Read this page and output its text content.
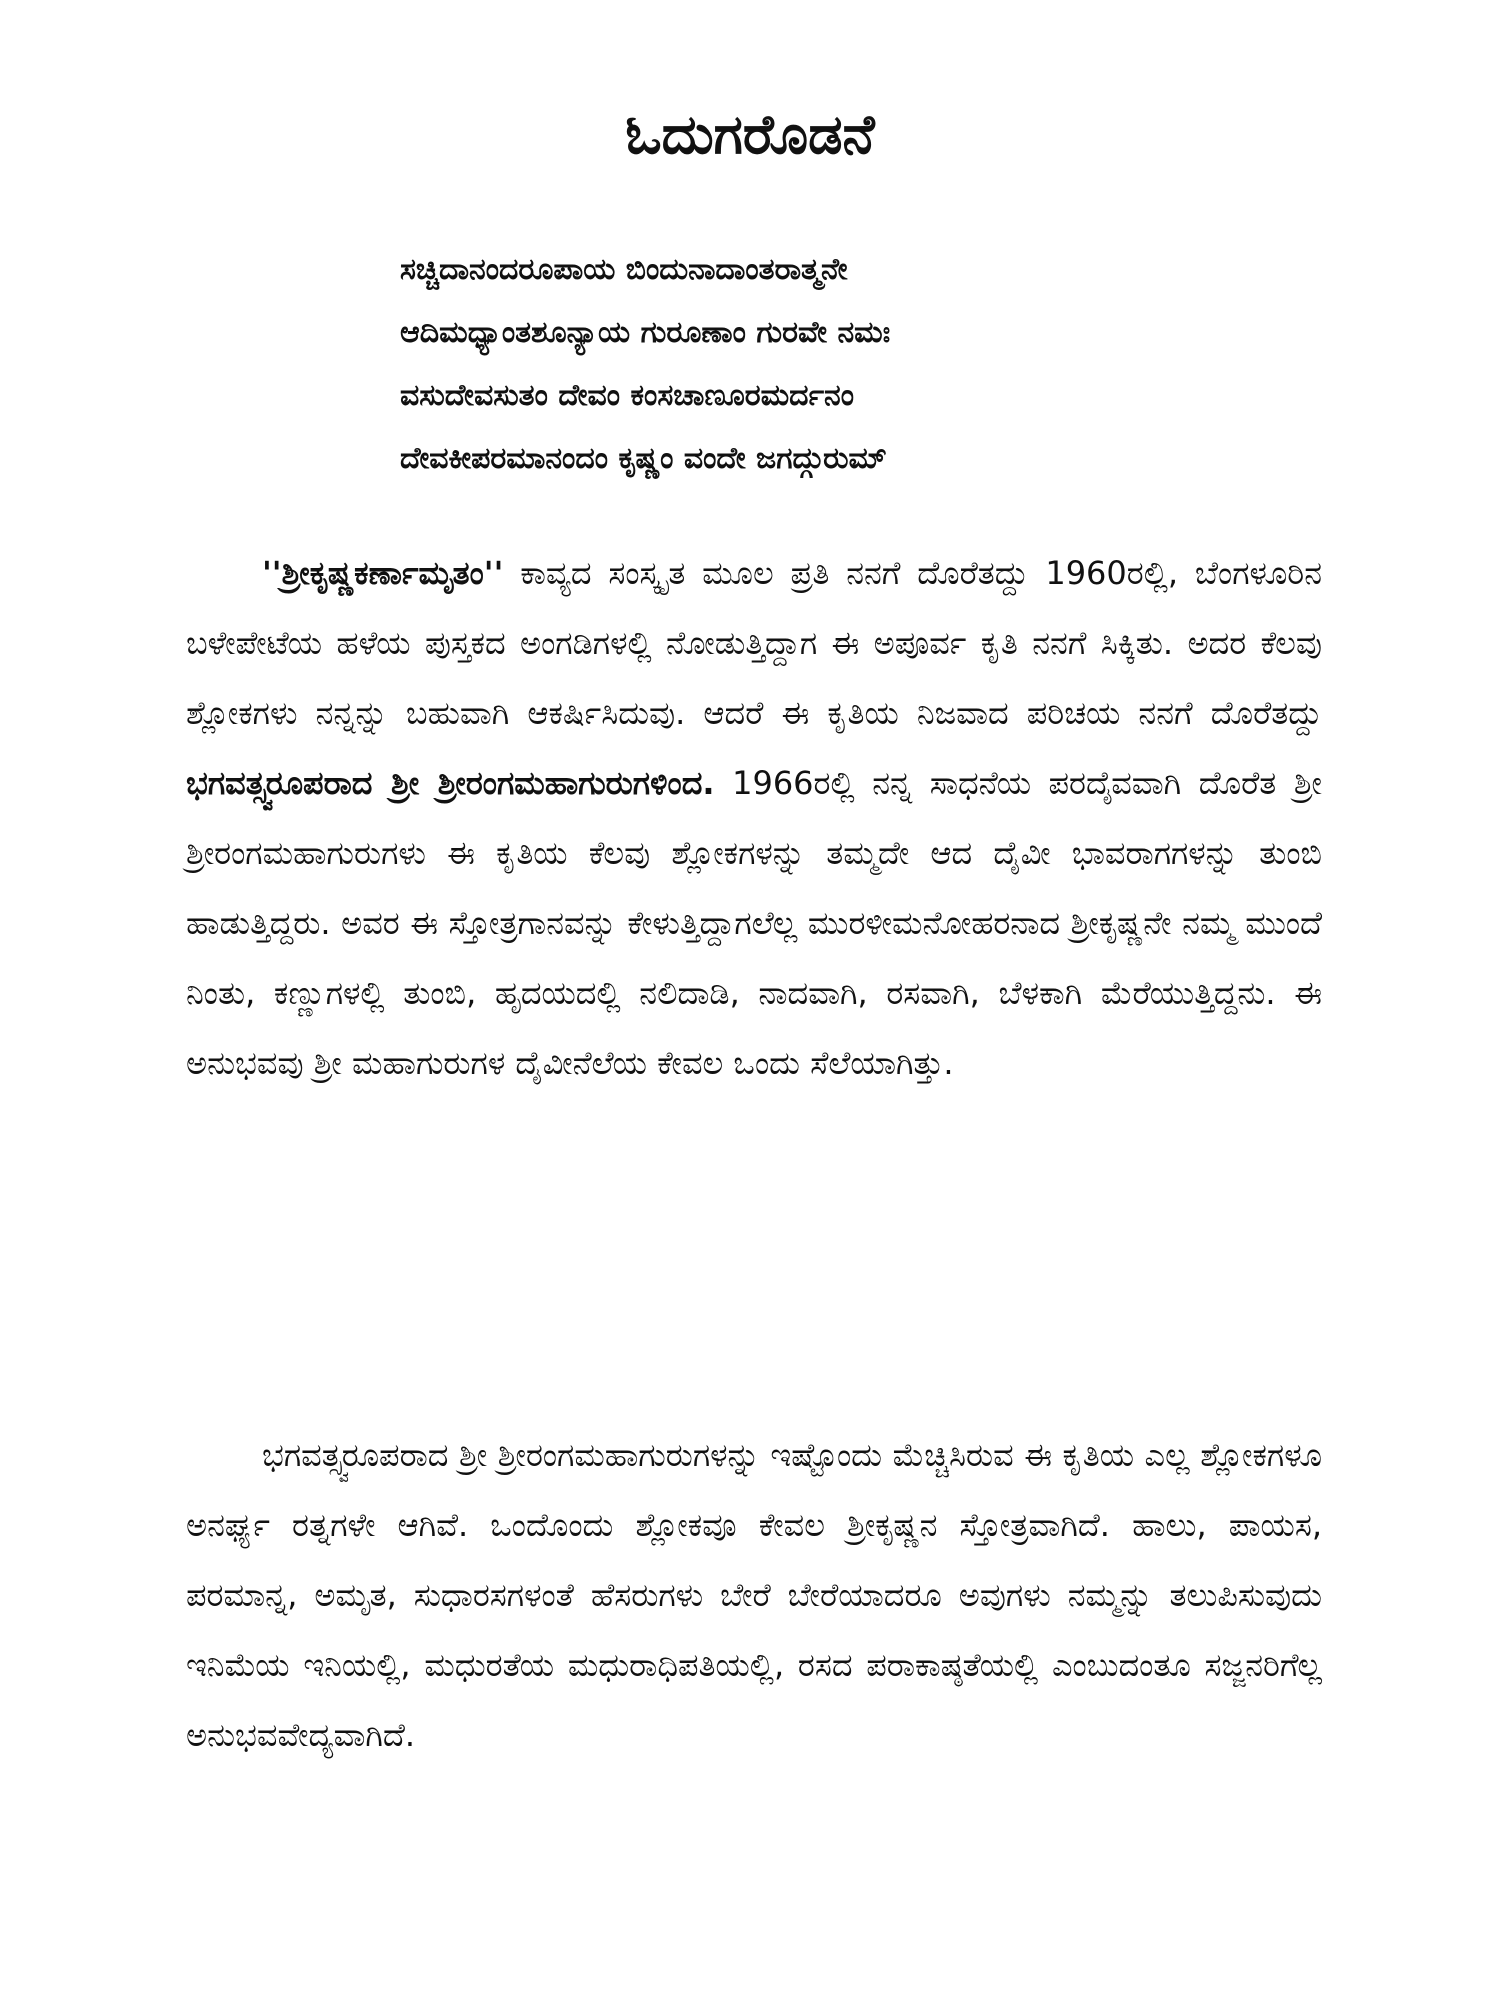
ಓದುಗರೊಡನೆ
ಸಚ್ಚಿದಾನಂದರೂಪಾಯ ಬಿಂದುನಾದಾಂತರಾತ್ಮನೇ
ಆದಿಮಧ್ಯಾಂತಶೂನ್ಯಾಯ ಗುರೂಣಾಂ ಗುರವೇ ನಮಃ
ವಸುದೇವಸುತಂ ದೇವಂ ಕಂಸಚಾಣೂರಮರ್ದನಂ
ದೇವಕೀಪರಮಾನಂದಂ ಕೃಷ್ಣಂ ವಂದೇ ಜಗದ್ಗುರುಮ್

''ಶ್ರೀಕೃಷ್ಣಕರ್ಣಾಮೃತಂ'' ಕಾವ್ಯದ ಸಂಸ್ಕೃತ ಮೂಲ ಪ್ರತಿ ನನಗೆ ದೊರೆತದ್ದು 1960ರಲ್ಲಿ, ಬೆಂಗಳೂರಿನ ಬಳೇಪೇಟೆಯ ಹಳೆಯ ಪುಸ್ತಕದ ಅಂಗಡಿಗಳಲ್ಲಿ ನೋಡುತ್ತಿದ್ದಾಗ ಈ ಅಪೂರ್ವ ಕೃತಿ ನನಗೆ ಸಿಕ್ಕಿತು. ಅದರ ಕೆಲವು ಶ್ಲೋಕಗಳು ನನ್ನನ್ನು ಬಹುವಾಗಿ ಆಕರ್ಷಿಸಿದುವು. ಆದರೆ ಈ ಕೃತಿಯ ನಿಜವಾದ ಪರಿಚಯ ನನಗೆ ದೊರೆತದ್ದು ಭಗವತ್ಸ್ವರೂಪರಾದ ಶ್ರೀ ಶ್ರೀರಂಗಮಹಾಗುರುಗಳಿಂದ. 1966ರಲ್ಲಿ ನನ್ನ ಸಾಧನೆಯ ಪರದೈವವಾಗಿ ದೊರೆತ ಶ್ರೀ ಶ್ರೀರಂಗಮಹಾಗುರುಗಳು ಈ ಕೃತಿಯ ಕೆಲವು ಶ್ಲೋಕಗಳನ್ನು ತಮ್ಮದೇ ಆದ ದೈವೀ ಭಾವರಾಗಗಳನ್ನು ತುಂಬಿ ಹಾಡುತ್ತಿದ್ದರು. ಅವರ ಈ ಸ್ತೋತ್ರಗಾನವನ್ನು ಕೇಳುತ್ತಿದ್ದಾಗಲೆಲ್ಲ ಮುರಳೀಮನೋಹರನಾದ ಶ್ರೀಕೃಷ್ಣನೇ ನಮ್ಮ ಮುಂದೆ ನಿಂತು, ಕಣ್ಣುಗಳಲ್ಲಿ ತುಂಬಿ, ಹೃದಯದಲ್ಲಿ ನಲಿದಾಡಿ, ನಾದವಾಗಿ, ರಸವಾಗಿ, ಬೆಳಕಾಗಿ ಮೆರೆಯುತ್ತಿದ್ದನು. ಈ ಅನುಭವವು ಶ್ರೀ ಮಹಾಗುರುಗಳ ದೈವೀನೆಲೆಯ ಕೇವಲ ಒಂದು ಸೆಲೆಯಾಗಿತ್ತು.

ಭಗವತ್ಸ್ವರೂಪರಾದ ಶ್ರೀ ಶ್ರೀರಂಗಮಹಾಗುರುಗಳನ್ನು ಇಷ್ಟೊಂದು ಮೆಚ್ಚಿಸಿರುವ ಈ ಕೃತಿಯ ಎಲ್ಲ ಶ್ಲೋಕಗಳೂ ಅನರ್ಘ್ಯ ರತ್ನಗಳೇ ಆಗಿವೆ. ಒಂದೊಂದು ಶ್ಲೋಕವೂ ಕೇವಲ ಶ್ರೀಕೃಷ್ಣನ ಸ್ತೋತ್ರವಾಗಿದೆ. ಹಾಲು, ಪಾಯಸ, ಪರಮಾನ್ನ, ಅಮೃತ, ಸುಧಾರಸಗಳಂತೆ ಹೆಸರುಗಳು ಬೇರೆ ಬೇರೆಯಾದರೂ ಅವುಗಳು ನಮ್ಮನ್ನು ತಲುಪಿಸುವುದು ಇನಿಮೆಯ ಇನಿಯಲ್ಲಿ, ಮಧುರತೆಯ ಮಧುರಾಧಿಪತಿಯಲ್ಲಿ, ರಸದ ಪರಾಕಾಷ್ಠತೆಯಲ್ಲಿ ಎಂಬುದಂತೂ ಸಜ್ಜನರಿಗೆಲ್ಲ ಅನುಭವವೇದ್ಯವಾಗಿದೆ.
